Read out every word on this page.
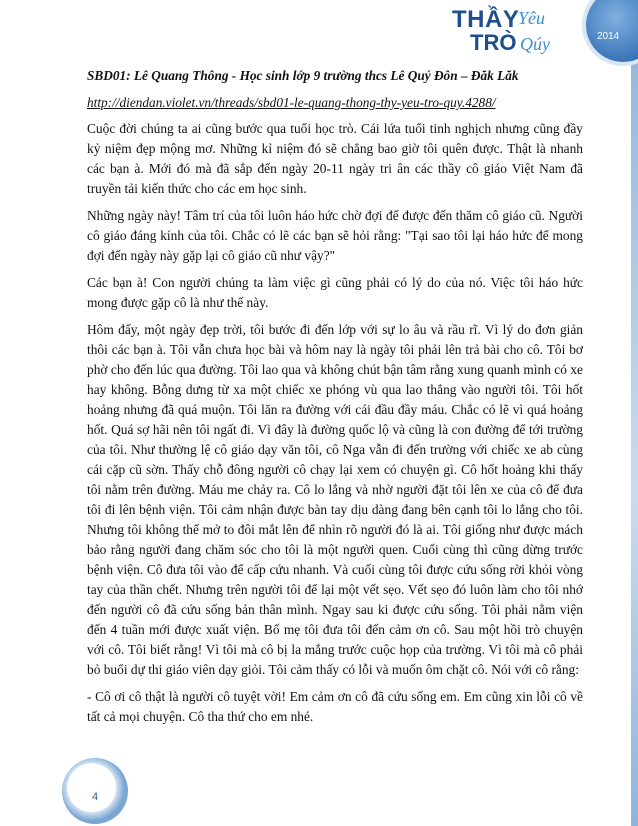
THẦY
Yêu
TRÒ Qúy	2014

SBD01: Lê Quang Thông - Học sinh lớp 9 trường thcs Lê Quý Đôn – Đăk Lăk

http://diendan.violet.vn/threads/sbd01-le-quang-thong-thy-yeu-tro-quy.4288/

Cuộc đời chúng ta ai cũng bước qua tuổi học trò. Cái lứa tuổi tinh nghịch nhưng cũng đầy kỷ niệm đẹp mộng mơ. Những kỉ niệm đó sẽ chẳng bao giờ tôi quên được. Thật là nhanh các bạn à. Mới đó mà đã sắp đến ngày 20-11 ngày tri ân các thầy cô giáo Việt Nam đã truyền tải kiến thức cho các em học sinh.

Những ngày này! Tâm trí của tôi luôn háo hức chờ đợi để được đến thăm cô giáo cũ. Người cô giáo đáng kính của tôi. Chắc có lẽ các bạn sẽ hỏi rằng: "Tại sao tôi lại háo hức để mong đợi đến ngày này gặp lại cô giáo cũ như vậy?"

Các bạn à! Con người chúng ta làm việc gì cũng phải có lý do của nó. Việc tôi háo hức mong được gặp cô là như thế này.

Hôm đấy, một ngày đẹp trời, tôi bước đi đến lớp với sự lo âu và rầu rĩ. Vì lý do đơn giản thôi các bạn à. Tôi vẫn chưa học bài và hôm nay là ngày tôi phải lên trả bài cho cô. Tôi bơ phờ cho đến lúc qua đường. Tôi lao qua và không chút bận tâm rằng xung quanh mình có xe hay không. Bỗng dưng từ xa một chiếc xe phóng vù qua lao thẳng vào người tôi. Tôi hốt hoảng nhưng đã quá muộn. Tôi lăn ra đường với cái đầu đầy máu. Chắc có lẽ vì quá hoảng hốt. Quá sợ hãi nên tôi ngất đi. Vì đây là đường quốc lộ và cũng là con đường để tới trường của tôi. Như thường lệ cô giáo dạy văn tôi, cô Nga vẫn đi đến trường với chiếc xe ab cùng cái cặp cũ sờn. Thấy chỗ đông người cô chạy lại xem có chuyện gì. Cô hốt hoảng khi thấy tôi nằm trên đường. Máu me chảy ra. Cô lo lắng và nhờ người đặt tôi lên xe của cô để đưa tôi đi lên bệnh viện. Tôi cảm nhận được bàn tay dịu dàng đang bên cạnh tôi lo lắng cho tôi. Nhưng tôi không thể mở to đôi mắt lên để nhìn rõ người đó là ai. Tôi giống như được mách bảo rằng người đang chăm sóc cho tôi là một người quen. Cuối cùng thì cũng dừng trước bệnh viện. Cô đưa tôi vào để cấp cứu nhanh. Và cuối cùng tôi được cứu sống rời khỏi vòng tay của thần chết. Nhưng trên người tôi để lại một vết sẹo. Vết sẹo đó luôn làm cho tôi nhớ đến người cô đã cứu sống bản thân mình. Ngay sau ki được cứu sống. Tôi phải nằm viện đến 4 tuần mới được xuất viện. Bố mẹ tôi đưa tôi đến cảm ơn cô. Sau một hồi trò chuyện với cô. Tôi biết rằng! Vì tôi mà cô bị la mắng trước cuộc họp của trường. Vì tôi mà cô phải bỏ buổi dự thi giáo viên dạy giỏi. Tôi cảm thấy có lỗi và muốn ôm chặt cô. Nói với cô rằng:

- Cô ơi cô thật là người cô tuyệt vời! Em cảm ơn cô đã cứu sống em. Em cũng xin lỗi cô về tất cả mọi chuyện. Cô tha thứ cho em nhé.

4
